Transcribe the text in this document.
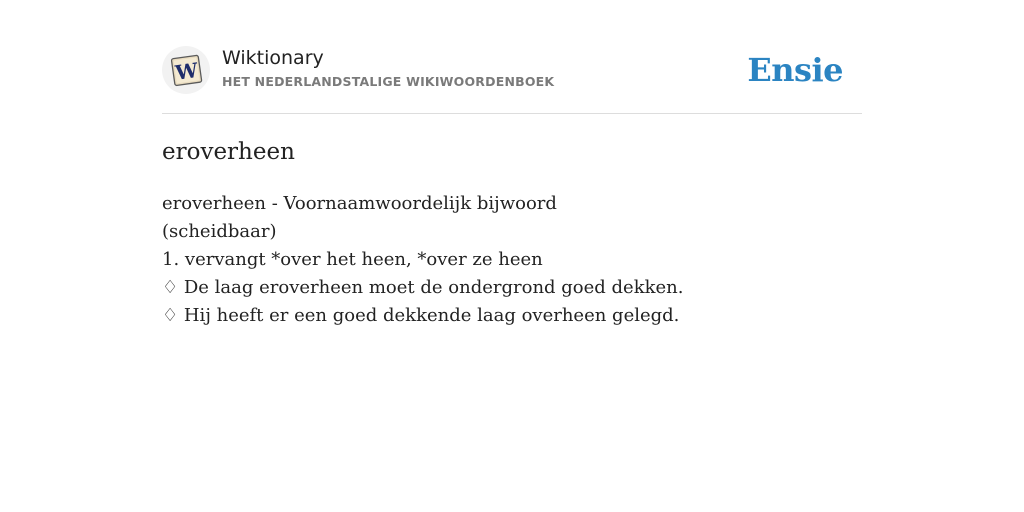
W Wiktionary
HET NEDERLANDSTALIGE WIKIWOORDENBOEK	Ensie
eroverheen
eroverheen - Voornaamwoordelijk bijwoord
(scheidbaar)
1. vervangt *over het heen, *over ze heen
♢ De laag eroverheen moet de ondergrond goed dekken.
♢ Hij heeft er een goed dekkende laag overheen gelegd.
